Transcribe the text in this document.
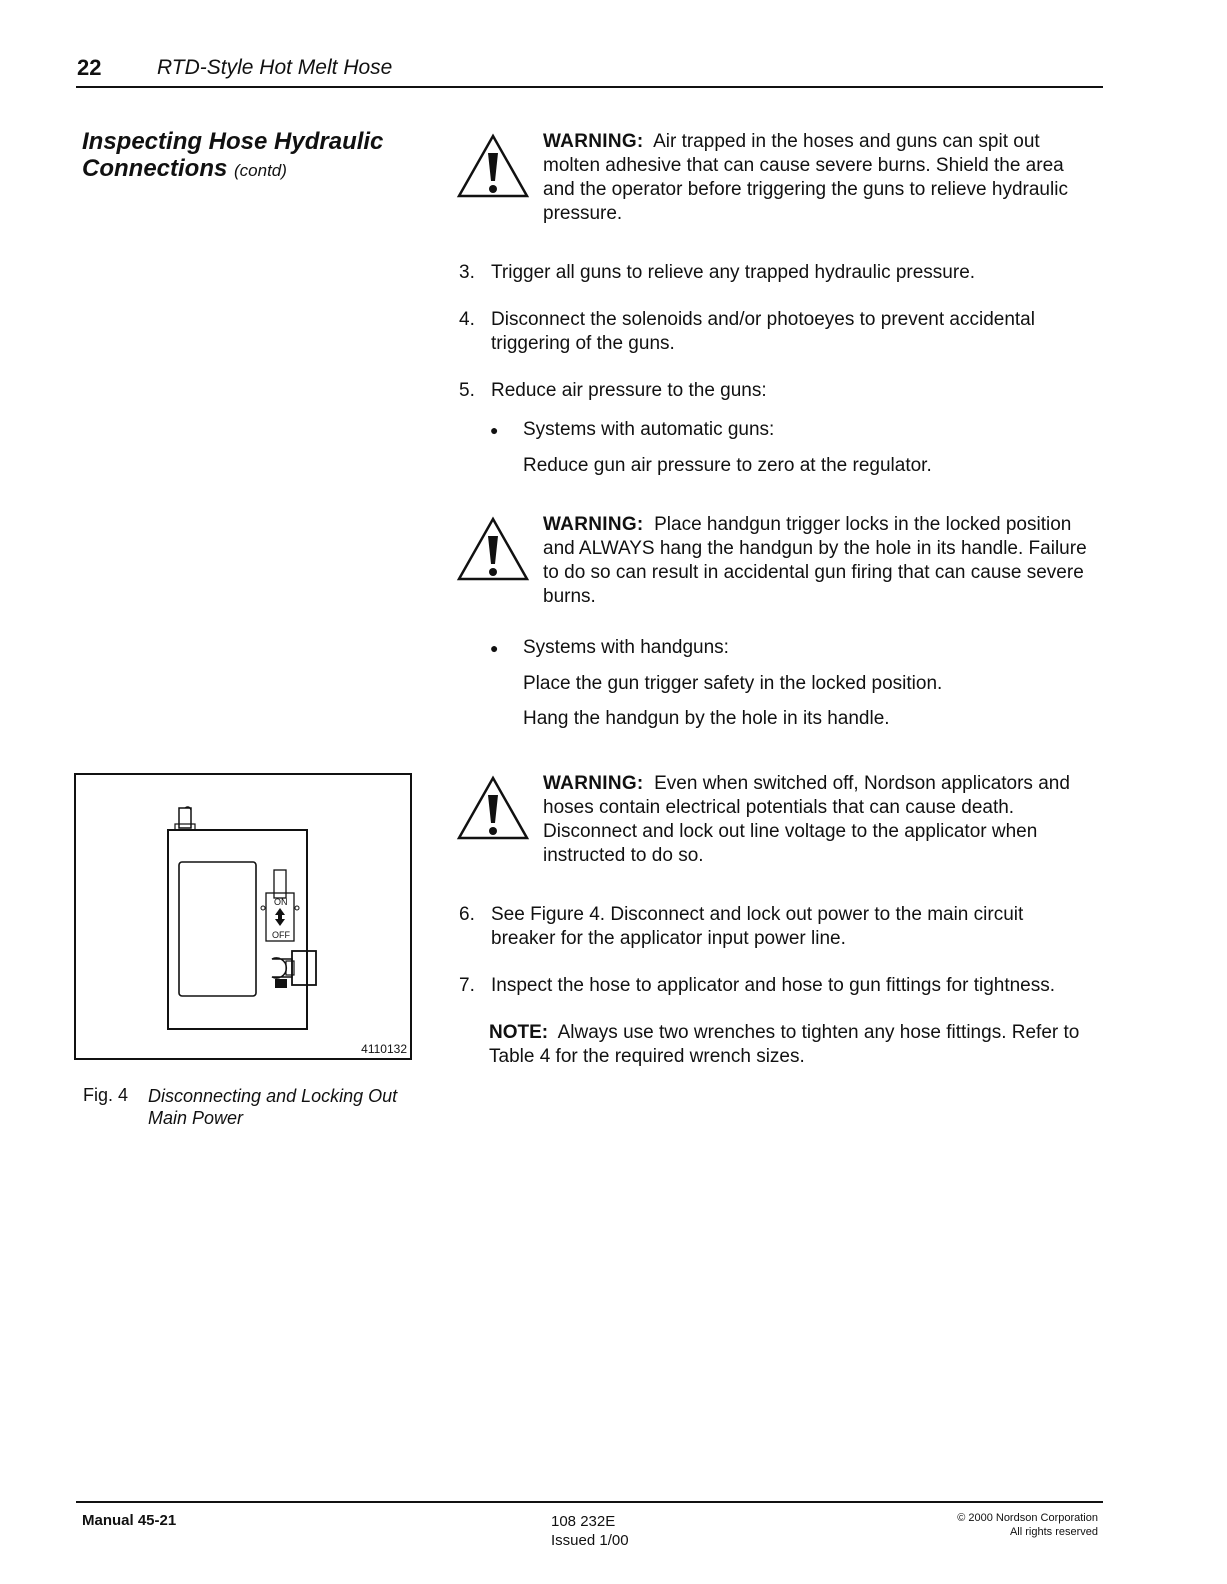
22	RTD-Style Hot Melt Hose
Inspecting Hose Hydraulic Connections (contd)
WARNING: Air trapped in the hoses and guns can spit out molten adhesive that can cause severe burns. Shield the area and the operator before triggering the guns to relieve hydraulic pressure.
3. Trigger all guns to relieve any trapped hydraulic pressure.
4. Disconnect the solenoids and/or photoeyes to prevent accidental triggering of the guns.
5. Reduce air pressure to the guns:
● Systems with automatic guns:
Reduce gun air pressure to zero at the regulator.
WARNING: Place handgun trigger locks in the locked position and ALWAYS hang the handgun by the hole in its handle. Failure to do so can result in accidental gun firing that can cause severe burns.
● Systems with handguns:
Place the gun trigger safety in the locked position.
Hang the handgun by the hole in its handle.
WARNING: Even when switched off, Nordson applicators and hoses contain electrical potentials that can cause death. Disconnect and lock out line voltage to the applicator when instructed to do so.
6. See Figure 4. Disconnect and lock out power to the main circuit breaker for the applicator input power line.
7. Inspect the hose to applicator and hose to gun fittings for tightness.
NOTE: Always use two wrenches to tighten any hose fittings. Refer to Table 4 for the required wrench sizes.
ON
OFF
4110132
Fig. 4 Disconnecting and Locking Out Main Power
Manual 45-21	108 232E
Issued 1/00
© 2000 Nordson Corporation
All rights reserved
